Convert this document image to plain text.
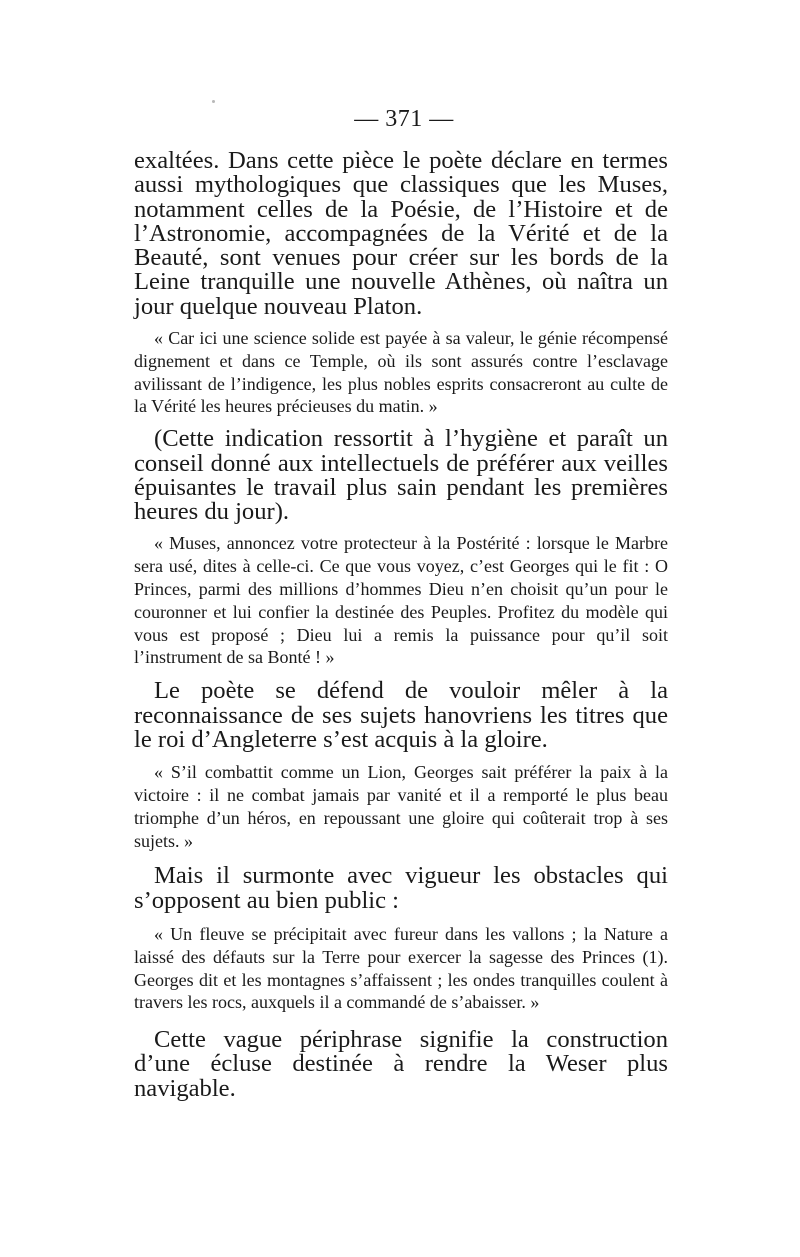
— 371 —

exaltées. Dans cette pièce le poète déclare en termes aussi mythologiques que classiques que les Muses, notamment celles de la Poésie, de l’Histoire et de l’Astronomie, accompagnées de la Vérité et de la Beauté, sont venues pour créer sur les bords de la Leine tranquille une nouvelle Athènes, où naîtra un jour quelque nouveau Platon.

« Car ici une science solide est payée à sa valeur, le génie récompensé dignement et dans ce Temple, où ils sont assurés contre l’esclavage avilissant de l’indigence, les plus nobles esprits consacreront au culte de la Vérité les heures précieuses du matin. »

(Cette indication ressortit à l’hygiène et paraît un conseil donné aux intellectuels de préférer aux veilles épuisantes le travail plus sain pendant les premières heures du jour).

« Muses, annoncez votre protecteur à la Postérité : lorsque le Marbre sera usé, dites à celle-ci. Ce que vous voyez, c’est Georges qui le fit : O Princes, parmi des millions d’hommes Dieu n’en choisit qu’un pour le couronner et lui confier la destinée des Peuples. Profitez du modèle qui vous est proposé ; Dieu lui a remis la puissance pour qu’il soit l’instrument de sa Bonté ! »

Le poète se défend de vouloir mêler à la reconnaissance de ses sujets hanovriens les titres que le roi d’Angleterre s’est acquis à la gloire.

« S’il combattit comme un Lion, Georges sait préférer la paix à la victoire : il ne combat jamais par vanité et il a remporté le plus beau triomphe d’un héros, en repoussant une gloire qui coûterait trop à ses sujets. »

Mais il surmonte avec vigueur les obstacles qui s’opposent au bien public :

« Un fleuve se précipitait avec fureur dans les vallons ; la Nature a laissé des défauts sur la Terre pour exercer la sagesse des Princes (1). Georges dit et les montagnes s’affaissent ; les ondes tranquilles coulent à travers les rocs, auxquels il a commandé de s’abaisser. »

Cette vague périphrase signifie la construction d’une écluse destinée à rendre la Weser plus navigable.
